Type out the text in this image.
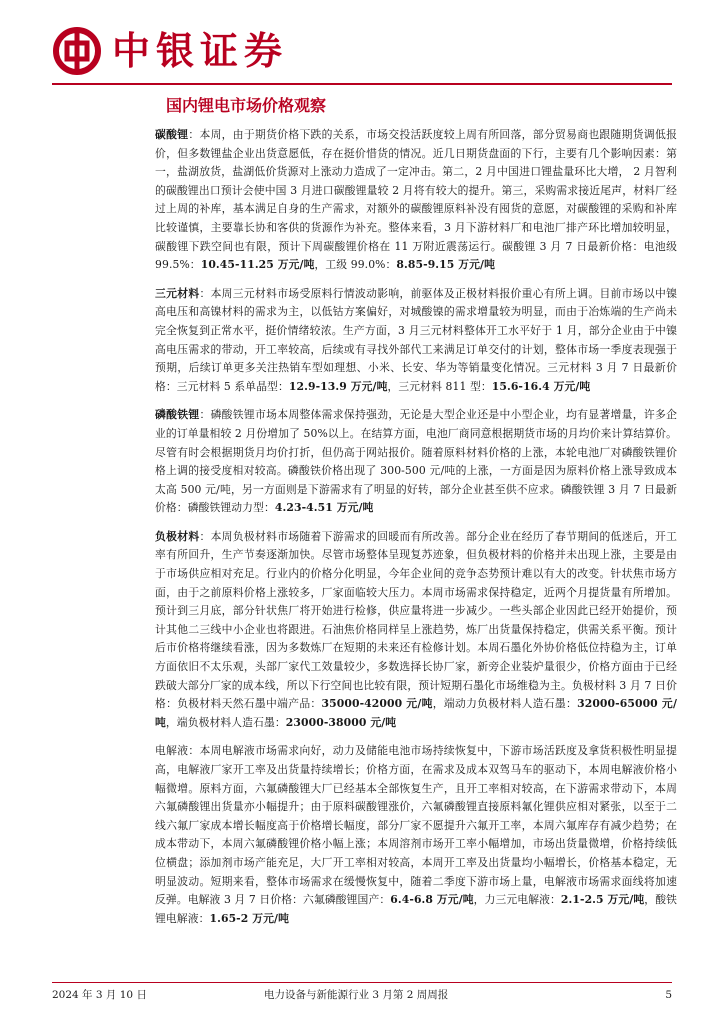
中银证券
国内锂电市场价格观察

碳酸锂：本周，由于期货价格下跌的关系，市场交投活跃度较上周有所回落，部分贸易商也跟随期货调低报价，但多数锂盐企业出货意愿低，存在挺价惜货的情况。近几日期货盘面的下行，主要有几个影响因素：第一，盐湖放货，盐湖低价货源对上涨动力造成了一定冲击。第二，2 月中国进口锂盐量环比大增， 2 月智利的碳酸锂出口预计会使中国 3 月进口碳酸锂量较 2 月将有较大的提升。第三，采购需求接近尾声，材料厂经过上周的补库，基本满足自身的生产需求，对额外的碳酸锂原料补没有囤货的意愿，对碳酸锂的采购和补库比较谨慎，主要靠长协和客供的货源作为补充。整体来看，3 月下游材料厂和电池厂排产环比增加较明显，碳酸锂下跌空间也有限，预计下周碳酸锂价格在 11 万附近震荡运行。碳酸锂 3 月 7 日最新价格：电池级 99.5%：10.45-11.25 万元/吨，工级 99.0%：8.85-9.15 万元/吨

三元材料：本周三元材料市场受原料行情波动影响，前驱体及正极材料报价重心有所上调。目前市场以中镍高电压和高镍材料的需求为主，以低钴方案偏好，对城酸镍的需求增量较为明显，而由于冶炼端的生产尚未完全恢复到正常水平，挺价情绪较浓。生产方面，3 月三元材料整体开工水平好于 1 月，部分企业由于中镍高电压需求的带动，开工率较高，后续或有寻找外部代工来满足订单交付的计划，整体市场一季度表现强于预期，后续订单更多关注热销车型如理想、小米、长安、华为等销量变化情况。三元材料 3 月 7 日最新价格：三元材料 5 系单晶型：12.9-13.9 万元/吨，三元材料 811 型：15.6-16.4 万元/吨

磷酸铁锂：磷酸铁锂市场本周整体需求保持强劲，无论是大型企业还是中小型企业，均有显著增量，许多企业的订单量相较 2 月份增加了 50%以上。在结算方面，电池厂商同意根据期货市场的月均价来计算结算价。尽管有时会根据期货月均价打折，但仍高于网站报价。随着原料材料价格的上涨，本轮电池厂对磷酸铁锂价格上调的接受度相对较高。磷酸铁价格出现了 300-500 元/吨的上涨，一方面是因为原料价格上涨导致成本太高 500 元/吨，另一方面则是下游需求有了明显的好转，部分企业甚至供不应求。磷酸铁锂 3 月 7 日最新价格：磷酸铁锂动力型：4.23-4.51 万元/吨

负极材料：本周负极材料市场随着下游需求的回暖而有所改善。部分企业在经历了春节期间的低迷后，开工率有所回升，生产节奏逐渐加快。尽管市场整体呈现复苏迹象，但负极材料的价格并未出现上涨，主要是由于市场供应相对充足。行业内的价格分化明显，今年企业间的竞争态势预计难以有大的改变。针状焦市场方面，由于之前原料价格上涨较多，厂家面临较大压力。本周市场需求保持稳定，近两个月提货量有所增加。预计到三月底，部分针状焦厂将开始进行检修，供应量将进一步减少。一些头部企业因此已经开始提价，预计其他二三线中小企业也将跟进。石油焦价格同样呈上涨趋势，炼厂出货量保持稳定，供需关系平衡。预计后市价格将继续看涨，因为多数炼厂在短期的未来还有检修计划。本周石墨化外协价格低位持稳为主，订单方面依旧不太乐观，头部厂家代工效量较少，多数选择长协厂家，新旁企业装炉量很少，价格方面由于已经跌破大部分厂家的成本线，所以下行空间也比较有限，预计短期石墨化市场维稳为主。负极材料 3 月 7 日价格：负极材料天然石墨中端产品：35000-42000 元/吨，端动力负极材料人造石墨：32000-65000 元/吨，端负极材料人造石墨：23000-38000 元/吨

电解液：本周电解液市场需求向好，动力及储能电池市场持续恢复中，下游市场活跃度及拿货积极性明显提高，电解液厂家开工率及出货量持续增长；价格方面，在需求及成本双驾马车的驱动下，本周电解液价格小幅微增。原料方面，六氟磷酸锂大厂已经基本全部恢复生产，且开工率相对较高，在下游需求带动下，本周六氟磷酸锂出货量亦小幅提升；由于原料碳酸锂涨价，六氟磷酸锂直接原料氟化锂供应相对紧张，以至于二线六氟厂家成本增长幅度高于价格增长幅度，部分厂家不愿提升六氟开工率，本周六氟库存有减少趋势；在成本带动下，本周六氟磷酸锂价格小幅上涨；本周溶剂市场开工率小幅增加，市场出货量微增，价格持续低位横盘；添加剂市场产能充足，大厂开工率相对较高，本周开工率及出货量均小幅增长，价格基本稳定，无明显波动。短期来看，整体市场需求在缓慢恢复中，随着二季度下游市场上量，电解液市场需求面线将加速反弹。电解液 3 月 7 日价格：六氟磷酸锂国产：6.4-6.8 万元/吨，力三元电解液：2.1-2.5 万元/吨，酸铁锂电解液：1.65-2 万元/吨

2024 年 3 月 10 日	电力设备与新能源行业 3 月第 2 周周报	5
